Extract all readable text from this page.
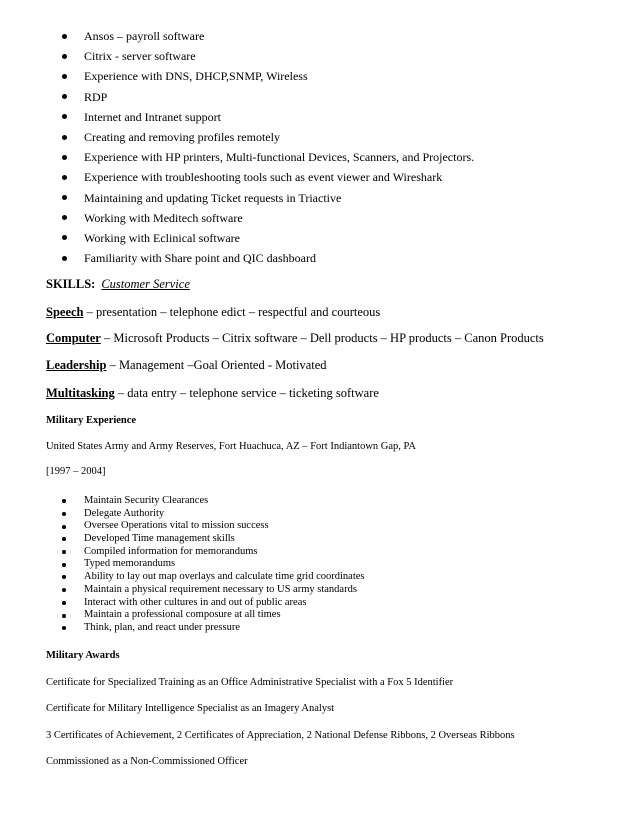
Ansos – payroll software
Citrix - server software
Experience with DNS, DHCP,SNMP, Wireless
RDP
Internet and Intranet support
Creating and removing profiles remotely
Experience with HP printers, Multi-functional Devices, Scanners, and Projectors.
Experience with troubleshooting tools such as event viewer and Wireshark
Maintaining and updating Ticket requests in Triactive
Working with Meditech software
Working with Eclinical software
Familiarity with Share point and QIC dashboard
SKILLS: Customer Service
Speech – presentation – telephone edict – respectful and courteous
Computer – Microsoft Products – Citrix software – Dell products – HP products – Canon Products
Leadership – Management –Goal Oriented - Motivated
Multitasking – data entry – telephone service – ticketing software
Military Experience
United States Army and Army Reserves, Fort Huachuca, AZ – Fort Indiantown Gap, PA
[1997 – 2004]
Maintain Security Clearances
Delegate Authority
Oversee Operations vital to mission success
Developed Time management skills
Compiled information for memorandums
Typed memorandums
Ability to lay out map overlays and calculate time grid coordinates
Maintain a physical requirement necessary to US army standards
Interact with other cultures in and out of public areas
Maintain a professional composure at all times
Think, plan, and react under pressure
Military Awards
Certificate for Specialized Training as an Office Administrative Specialist with a Fox 5 Identifier
Certificate for Military Intelligence Specialist as an Imagery Analyst
3 Certificates of Achievement, 2 Certificates of Appreciation, 2 National Defense Ribbons, 2 Overseas Ribbons
Commissioned as a Non-Commissioned Officer
